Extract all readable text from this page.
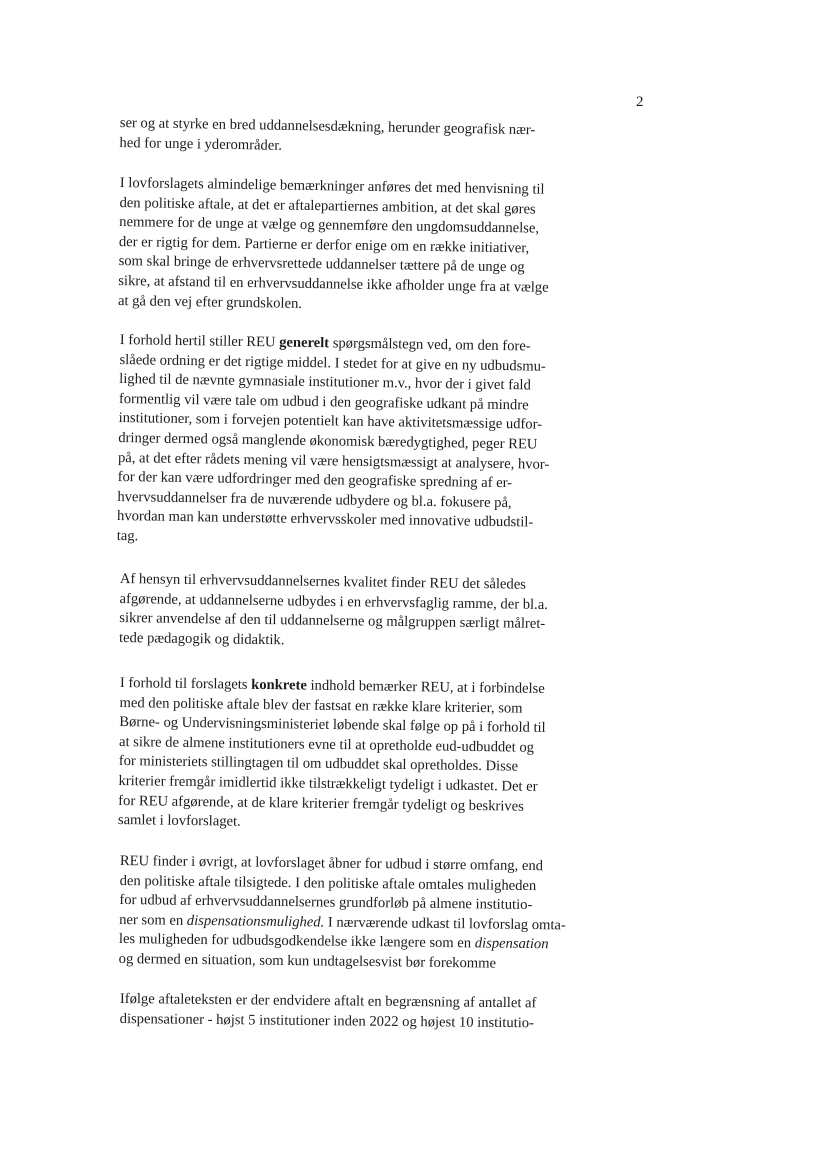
2

ser og at styrke en bred uddannelsesdækning, herunder geografisk nær-
hed for unge i yderområder.
I lovforslagets almindelige bemærkninger anføres det med henvisning til
den politiske aftale, at det er aftalepartiernes ambition, at det skal gøres
nemmere for de unge at vælge og gennemføre den ungdomsuddannelse,
der er rigtig for dem. Partierne er derfor enige om en række initiativer,
som skal bringe de erhvervsrettede uddannelser tættere på de unge og
sikre, at afstand til en erhvervsuddannelse ikke afholder unge fra at vælge
at gå den vej efter grundskolen.
I forhold hertil stiller REU generelt spørgsmålstegn ved, om den fore-
slåede ordning er det rigtige middel. I stedet for at give en ny udbudsmu-
lighed til de nævnte gymnasiale institutioner m.v., hvor der i givet fald
formentlig vil være tale om udbud i den geografiske udkant på mindre
institutioner, som i forvejen potentielt kan have aktivitetsmæssige udfor-
dringer dermed også manglende økonomisk bæredygtighed, peger REU
på, at det efter rådets mening vil være hensigtsmæssigt at analysere, hvor-
for der kan være udfordringer med den geografiske spredning af er-
hvervsuddannelser fra de nuværende udbydere og bl.a. fokusere på,
hvordan man kan understøtte erhvervsskoler med innovative udbudstil-
tag.
Af hensyn til erhvervsuddannelsernes kvalitet finder REU det således
afgørende, at uddannelserne udbydes i en erhvervsfaglig ramme, der bl.a.
sikrer anvendelse af den til uddannelserne og målgruppen særligt målret-
tede pædagogik og didaktik.
I forhold til forslagets konkrete indhold bemærker REU, at i forbindelse
med den politiske aftale blev der fastsat en række klare kriterier, som
Børne- og Undervisningsministeriet løbende skal følge op på i forhold til
at sikre de almene institutioners evne til at opretholde eud-udbuddet og
for ministeriets stillingtagen til om udbuddet skal opretholdes. Disse
kriterier fremgår imidlertid ikke tilstrækkeligt tydeligt i udkastet. Det er
for REU afgørende, at de klare kriterier fremgår tydeligt og beskrives
samlet i lovforslaget.
REU finder i øvrigt, at lovforslaget åbner for udbud i større omfang, end
den politiske aftale tilsigtede. I den politiske aftale omtales muligheden
for udbud af erhvervsuddannelsernes grundforløb på almene institutio-
ner som en dispensationsmulighed. I nærværende udkast til lovforslag omta-
les muligheden for udbudsgodkendelse ikke længere som en dispensation
og dermed en situation, som kun undtagelsesvist bør forekomme
Ifølge aftaleteksten er der endvidere aftalt en begrænsning af antallet af
dispensationer - højst 5 institutioner inden 2022 og højest 10 institutio-
